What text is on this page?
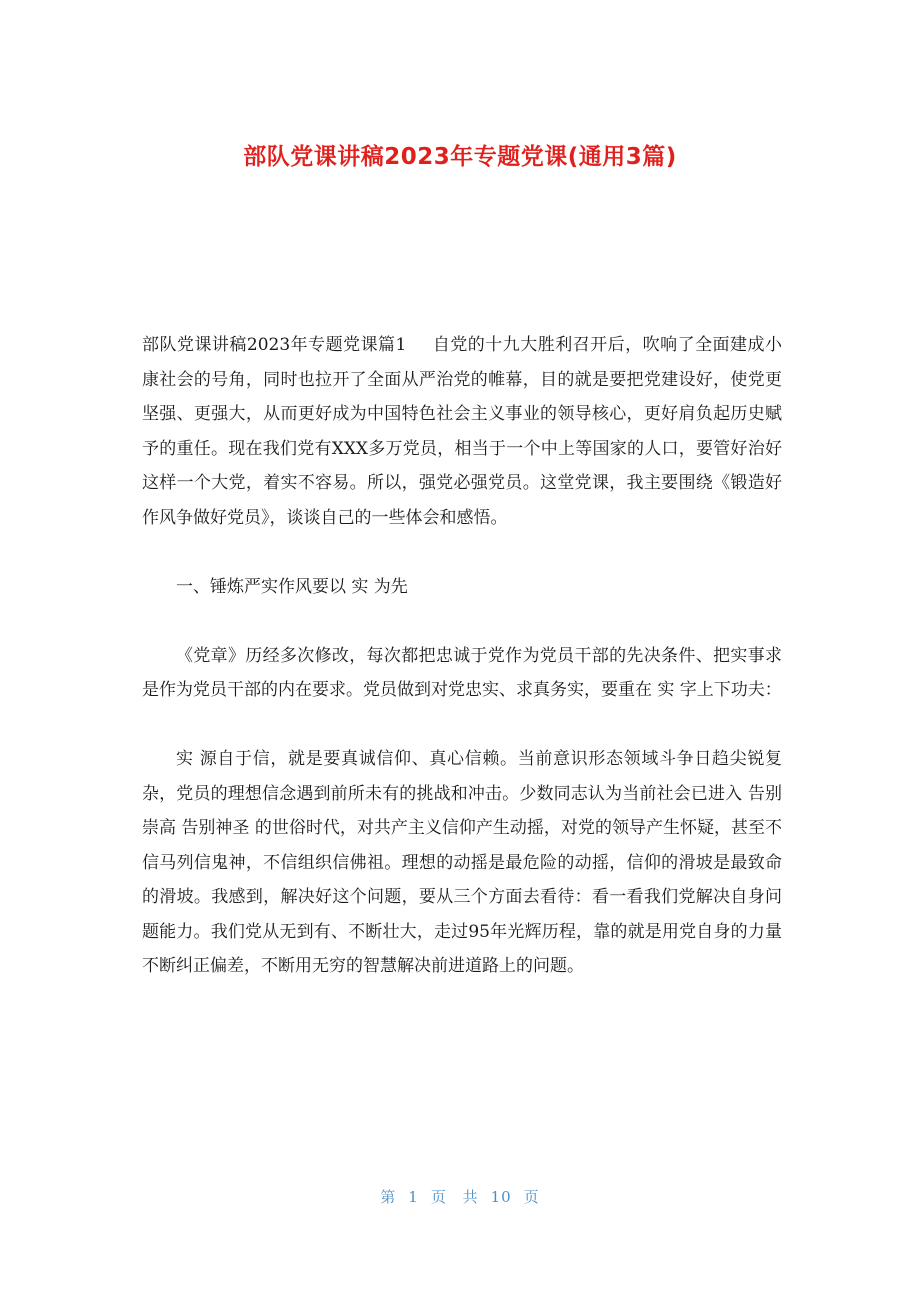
部队党课讲稿2023年专题党课(通用3篇)

部队党课讲稿2023年专题党课篇1 自党的十九大胜利召开后，吹响了全面建成小康社会的号角，同时也拉开了全面从严治党的帷幕，目的就是要把党建设好，使党更坚强、更强大，从而更好成为中国特色社会主义事业的领导核心，更好肩负起历史赋予的重任。现在我们党有XXX多万党员，相当于一个中上等国家的人口，要管好治好这样一个大党，着实不容易。所以，强党必强党员。这堂党课，我主要围绕《锻造好作风争做好党员》，谈谈自己的一些体会和感悟。

一、锤炼严实作风要以 实 为先

《党章》历经多次修改，每次都把忠诚于党作为党员干部的先决条件、把实事求是作为党员干部的内在要求。党员做到对党忠实、求真务实，要重在 实 字上下功夫：

实 源自于信，就是要真诚信仰、真心信赖。当前意识形态领域斗争日趋尖锐复杂，党员的理想信念遇到前所未有的挑战和冲击。少数同志认为当前社会已进入 告别崇高 告别神圣 的世俗时代，对共产主义信仰产生动摇，对党的领导产生怀疑，甚至不信马列信鬼神，不信组织信佛祖。理想的动摇是最危险的动摇，信仰的滑坡是最致命的滑坡。我感到，解决好这个问题，要从三个方面去看待：看一看我们党解决自身问题能力。我们党从无到有、不断壮大，走过95年光辉历程，靠的就是用党自身的力量不断纠正偏差，不断用无穷的智慧解决前进道路上的问题。

第 1 页 共 10 页
